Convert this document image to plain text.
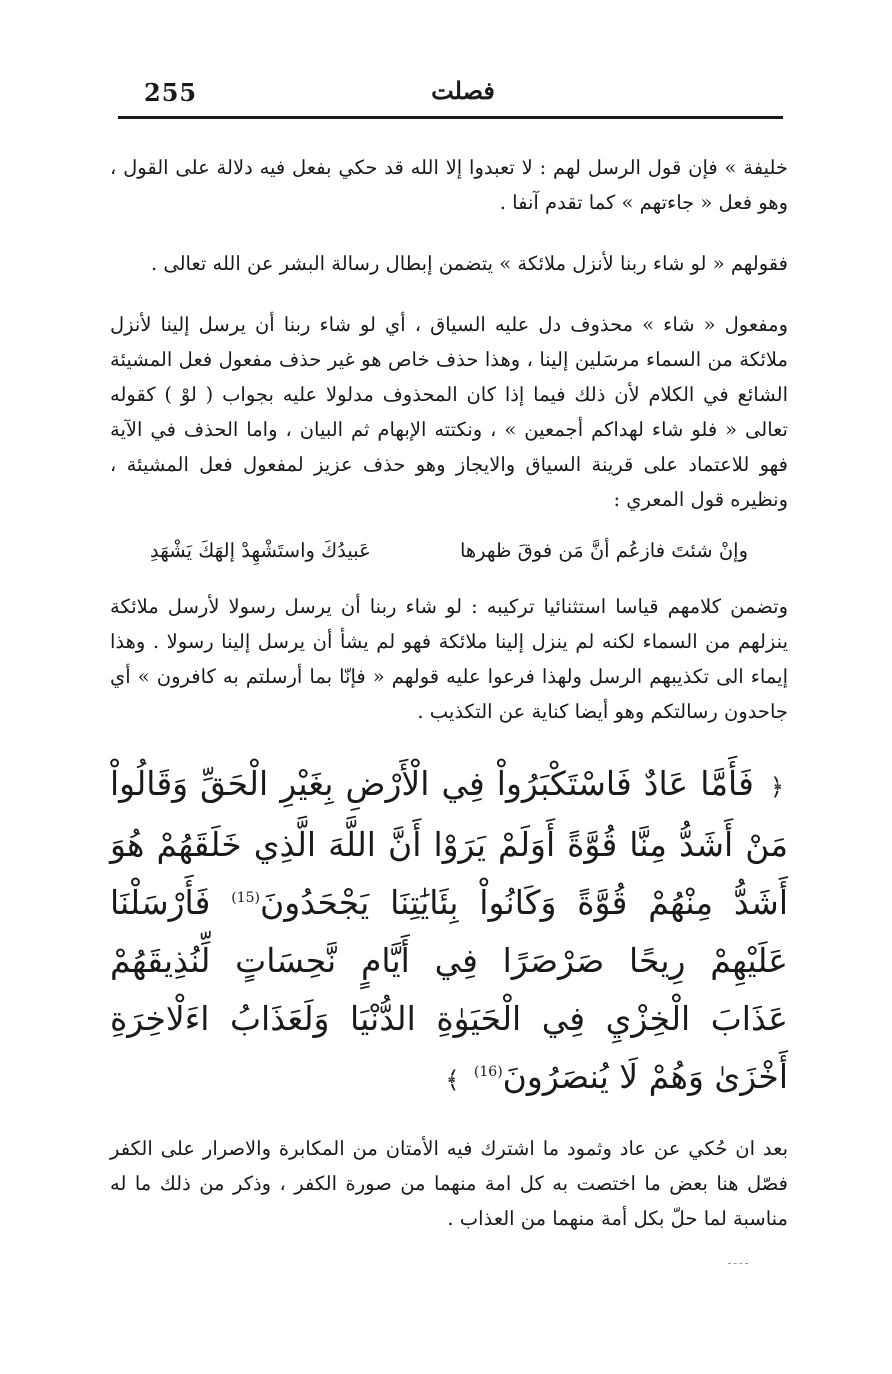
255	فصلت

خليفة » فإن قول الرسل لهم : لا تعبدوا إلا الله قد حكي بفعل فيه دلالة على القول ، وهو فعل « جاءتهم » كما تقدم آنفا .

فقولهم « لو شاء ربنا لأنزل ملائكة » يتضمن إبطال رسالة البشر عن الله تعالى .

ومفعول « شاء » محذوف دل عليه السياق ، أي لو شاء ربنا أن يرسل إلينا لأنزل ملائكة من السماء مرسَلين إلينا ، وهذا حذف خاص هو غير حذف مفعول فعل المشيئة الشائع في الكلام لأن ذلك فيما إذا كان المحذوف مدلولا عليه بجواب ( لوْ ) كقوله تعالى « فلو شاء لهداكم أجمعين » ، ونكتته الإبهام ثم البيان ، واما الحذف في الآية فهو للاعتماد على قرينة السياق والايجاز وهو حذف عزيز لمفعول فعل المشيئة ، ونظيره قول المعري :

وإنْ شئتَ فازعُم أنَّ مَن فوقَ ظهرها
عَبيدُكَ واستَشْهِدْ إلهَكَ يَشْهَدِ

وتضمن كلامهم قياسا استثنائيا تركيبه : لو شاء ربنا أن يرسل رسولا لأرسل ملائكة ينزلهم من السماء لكنه لم ينزل إلينا ملائكة فهو لم يشأ أن يرسل إلينا رسولا . وهذا إيماء الى تكذيبهم الرسل ولهذا فرعوا عليه قولهم « فإنّا بما أرسلتم به كافرون » أي جاحدون رسالتكم وهو أيضا كناية عن التكذيب .

﴿ فَأَمَّا عَادٌ فَاسْتَكْبَرُواْ فِي الْأَرْضِ بِغَيْرِ الْحَقِّ وَقَالُواْ مَنْ أَشَدُّ مِنَّا قُوَّةً أَوَلَمْ يَرَوْا أَنَّ اللَّهَ الَّذِي خَلَقَهُمْ هُوَ أَشَدُّ مِنْهُمْ قُوَّةً وَكَانُواْ بِئَايَٰتِنَا يَجْحَدُونَ$^{(15)}$ فَأَرْسَلْنَا عَلَيْهِمْ رِيحًا صَرْصَرًا فِي أَيَّامٍ نَّحِسَاتٍ لِّنُذِيقَهُمْ عَذَابَ الْخِزْيِ فِي الْحَيَوٰةِ الدُّنْيَا وَلَعَذَابُ اءَلْاخِرَةِ أَخْزَىٰ وَهُمْ لَا يُنصَرُونَ$^{(16)}$ ﴾

بعد ان حُكي عن عاد وثمود ما اشترك فيه الأمتان من المكابرة والاصرار على الكفر فصّل هنا بعض ما اختصت به كل امة منهما من صورة الكفر ، وذكر من ذلك ما له مناسبة لما حلّ بكل أمة منهما من العذاب .
